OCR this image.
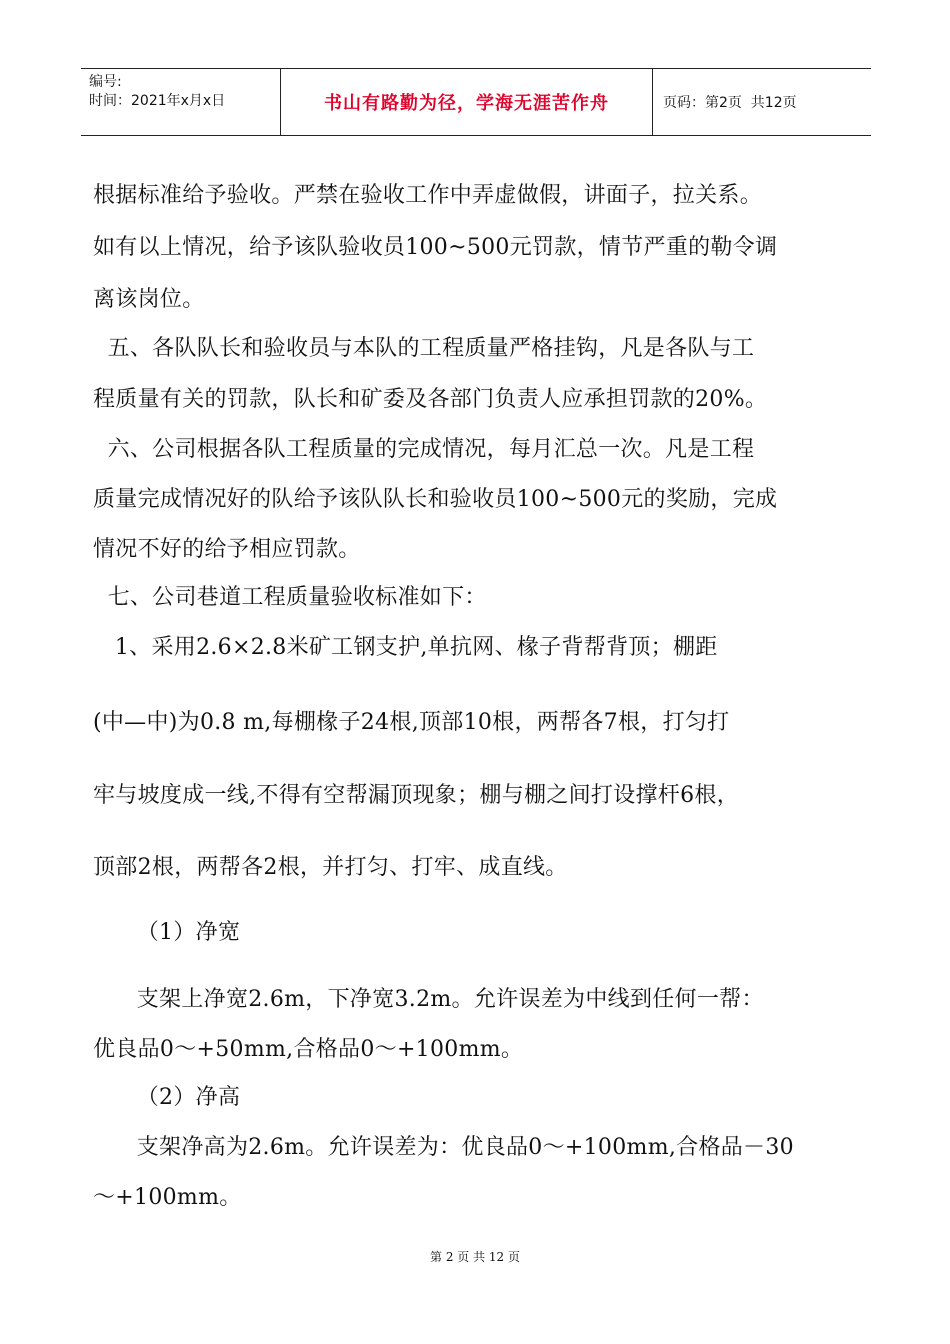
编号:
时间：2021年x月x日	书山有路勤为径，学海无涯苦作舟	页码：第2页  共12页
根据标准给予验收。严禁在验收工作中弄虚做假，讲面子，拉关系。
如有以上情况，给予该队验收员100~500元罚款，情节严重的勒令调
离该岗位。
五、各队队长和验收员与本队的工程质量严格挂钩，凡是各队与工
程质量有关的罚款，队长和矿委及各部门负责人应承担罚款的20%。
六、公司根据各队工程质量的完成情况，每月汇总一次。凡是工程
质量完成情况好的队给予该队队长和验收员100~500元的奖励，完成
情况不好的给予相应罚款。
七、公司巷道工程质量验收标准如下：
1、采用2.6×2.8米矿工钢支护,单抗网、椽子背帮背顶；棚距
(中—中)为0.8 m,每棚椽子24根,顶部10根，两帮各7根，打匀打
牢与坡度成一线,不得有空帮漏顶现象；棚与棚之间打设撑杆6根，
顶部2根，两帮各2根，并打匀、打牢、成直线。
（1）净宽
支架上净宽2.6m，下净宽3.2m。允许误差为中线到任何一帮：
优良品0～+50mm,合格品0～+100mm。
（2）净高
支架净高为2.6m。允许误差为：优良品0～+100mm,合格品－30
～+100mm。
第 2 页 共 12 页
